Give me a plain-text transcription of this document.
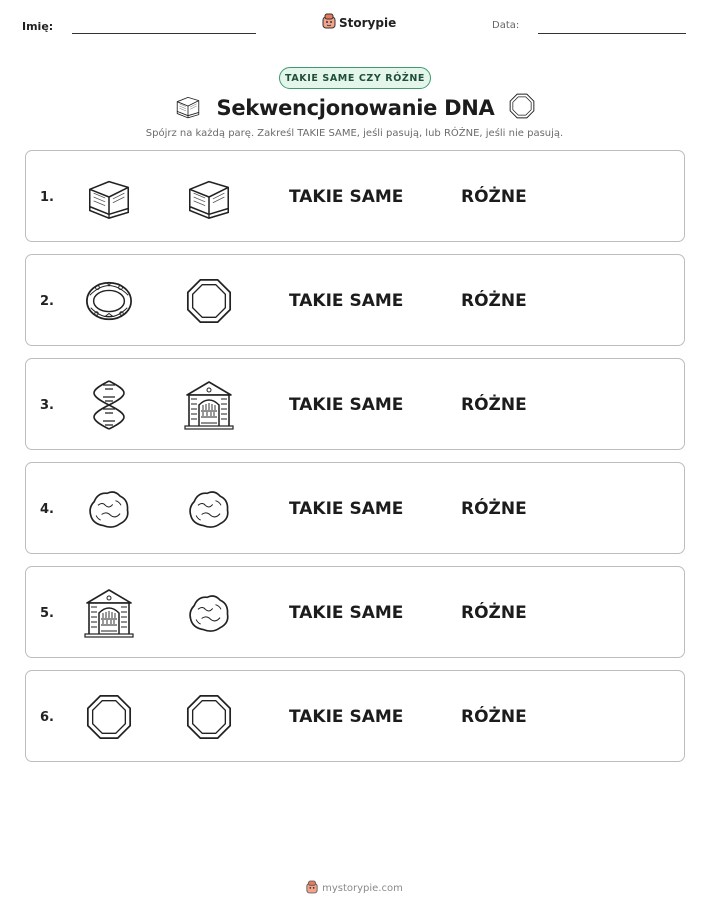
Imię:	Storypie	Data:
TAKIE SAME CZY RÓŻNE
Sekwencjonowanie DNA
Spójrz na każdą parę. Zakreśl TAKIE SAME, jeśli pasują, lub RÓŻNE, jeśli nie pasują.
1.	TAKIE SAME	RÓŻNE
2.	TAKIE SAME	RÓŻNE
3.	TAKIE SAME	RÓŻNE
4.	TAKIE SAME	RÓŻNE
5.	TAKIE SAME	RÓŻNE
6.	TAKIE SAME	RÓŻNE
mystorypie.com
